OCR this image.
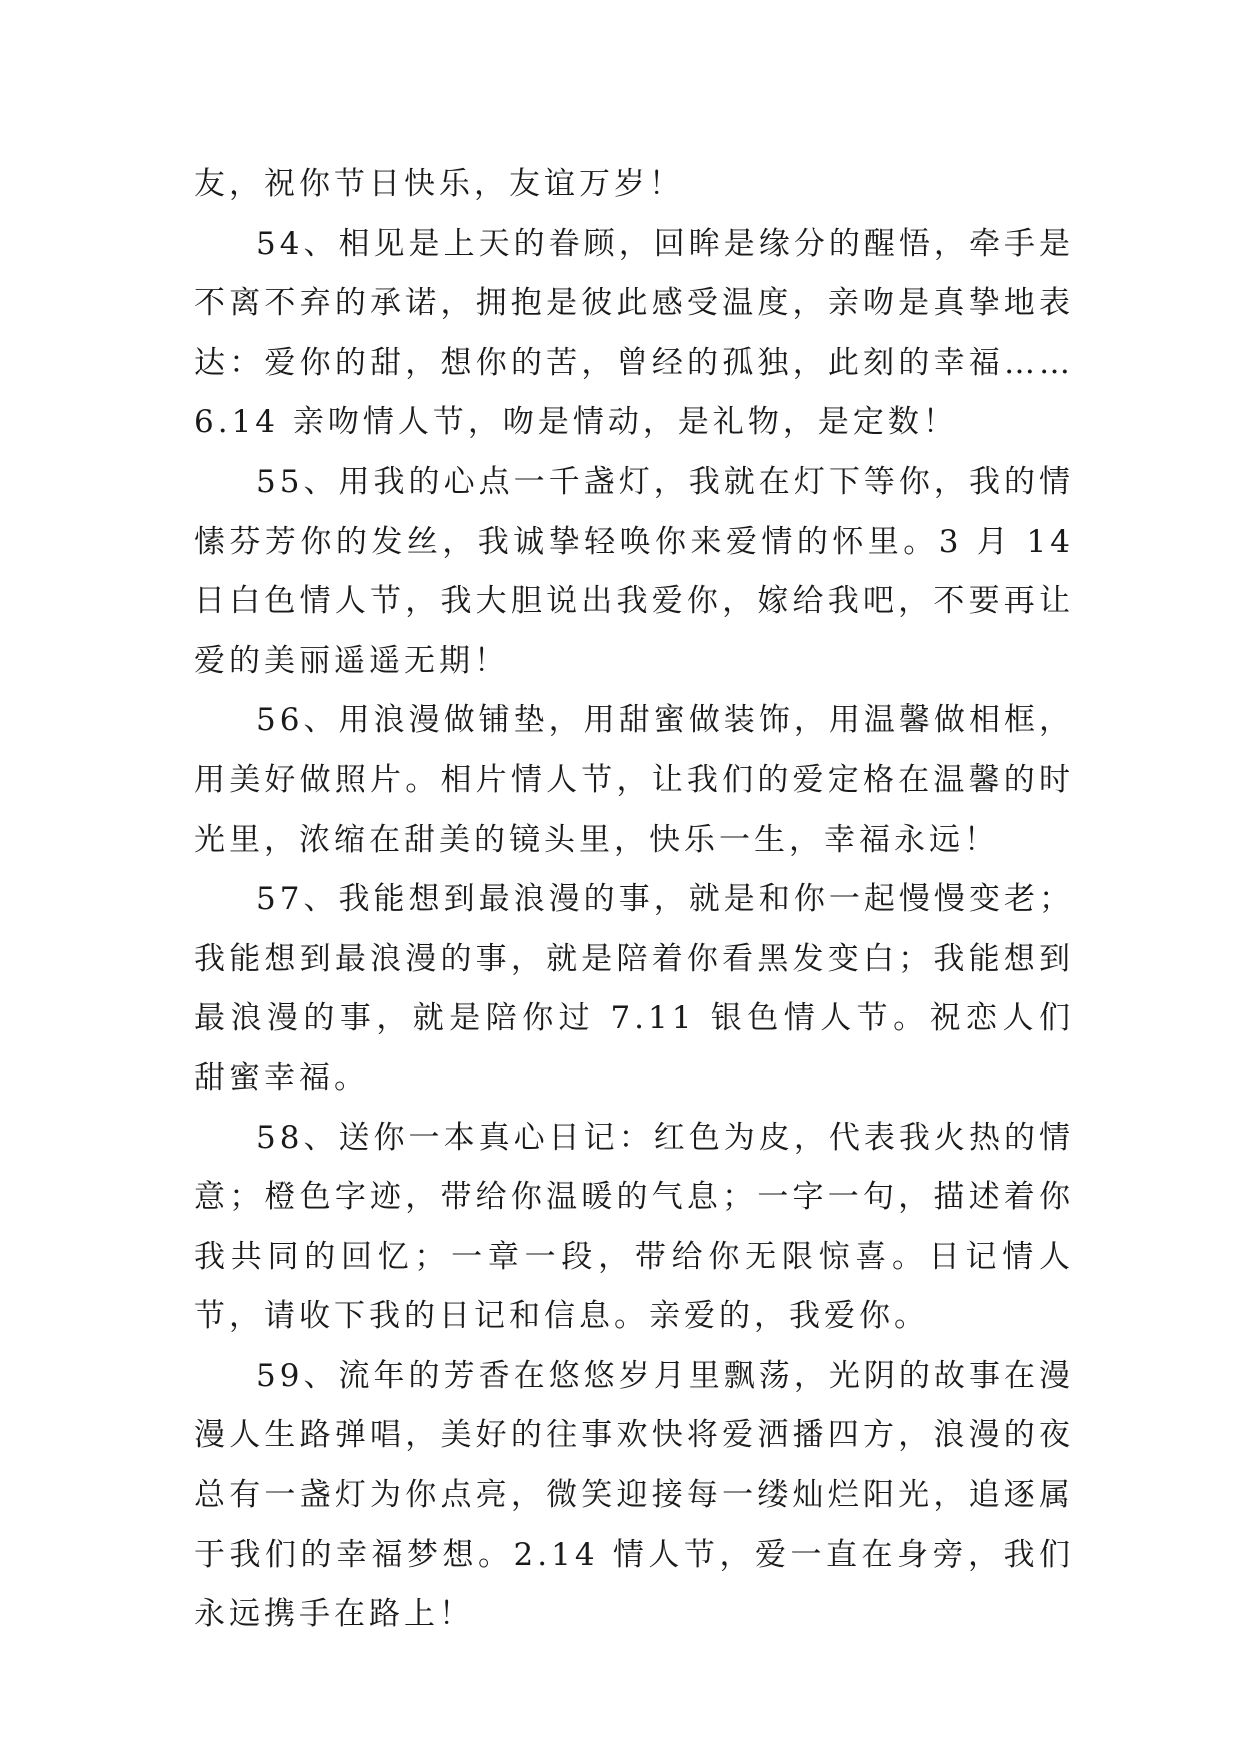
友，祝你节日快乐，友谊万岁！

54、相见是上天的眷顾，回眸是缘分的醒悟，牵手是不离不弃的承诺，拥抱是彼此感受温度，亲吻是真挚地表达：爱你的甜，想你的苦，曾经的孤独，此刻的幸福……6.14 亲吻情人节，吻是情动，是礼物，是定数！

55、用我的心点一千盏灯，我就在灯下等你，我的情愫芬芳你的发丝，我诚挚轻唤你来爱情的怀里。3 月 14 日白色情人节，我大胆说出我爱你，嫁给我吧，不要再让爱的美丽遥遥无期！

56、用浪漫做铺垫，用甜蜜做装饰，用温馨做相框，用美好做照片。相片情人节，让我们的爱定格在温馨的时光里，浓缩在甜美的镜头里，快乐一生，幸福永远！

57、我能想到最浪漫的事，就是和你一起慢慢变老；我能想到最浪漫的事，就是陪着你看黑发变白；我能想到最浪漫的事，就是陪你过 7.11 银色情人节。祝恋人们甜蜜幸福。

58、送你一本真心日记：红色为皮，代表我火热的情意；橙色字迹，带给你温暖的气息；一字一句，描述着你我共同的回忆；一章一段，带给你无限惊喜。日记情人节，请收下我的日记和信息。亲爱的，我爱你。

59、流年的芳香在悠悠岁月里飘荡，光阴的故事在漫漫人生路弹唱，美好的往事欢快将爱洒播四方，浪漫的夜总有一盏灯为你点亮，微笑迎接每一缕灿烂阳光，追逐属于我们的幸福梦想。2.14 情人节，爱一直在身旁，我们永远携手在路上！
